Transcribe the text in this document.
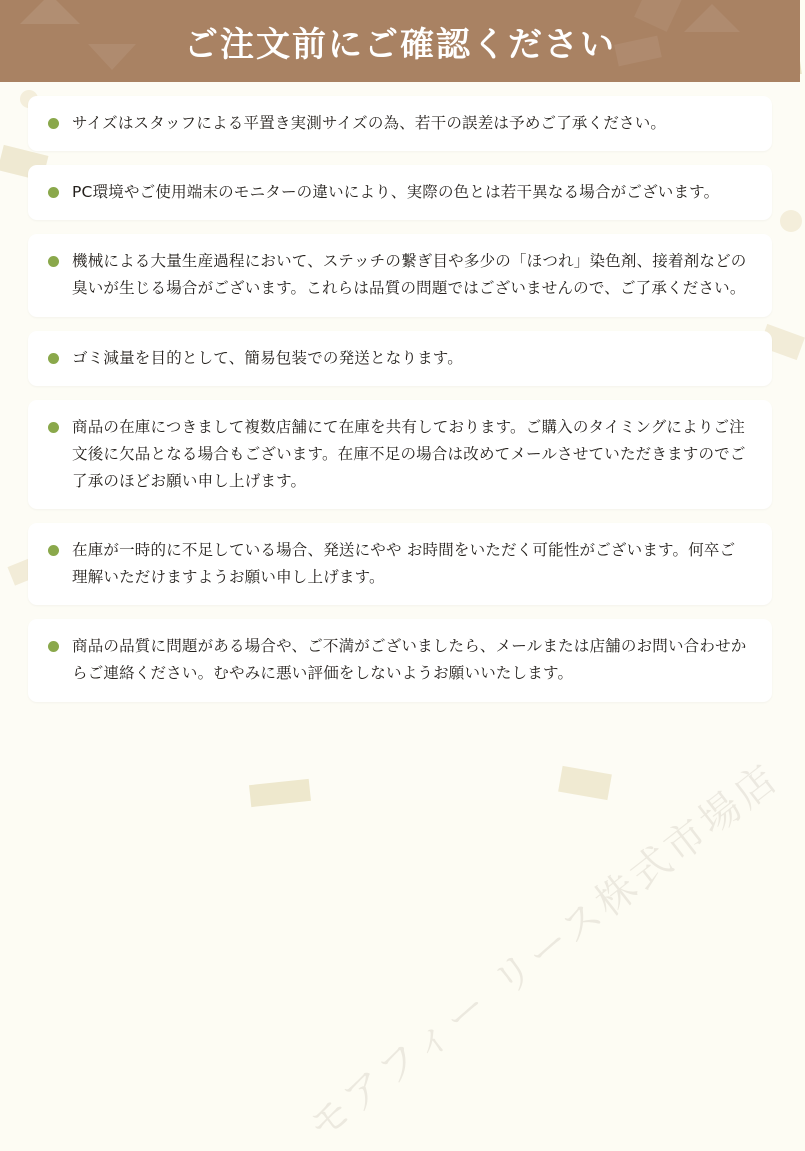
ご注文前にご確認ください
サイズはスタッフによる平置き実測サイズの為、若干の誤差は予めご了承ください。
PC環境やご使用端末のモニターの違いにより、実際の色とは若干異なる場合がございます。
機械による大量生産過程において、ステッチの繋ぎ目や多少の「ほつれ」染色剤、接着剤などの臭いが生じる場合がございます。これらは品質の問題ではございませんので、ご了承ください。
ゴミ減量を目的として、簡易包装での発送となります。
商品の在庫につきまして複数店舗にて在庫を共有しております。ご購入のタイミングによりご注文後に欠品となる場合もございます。在庫不足の場合は改めてメールさせていただきますのでご了承のほどお願い申し上げます。
在庫が一時的に不足している場合、発送にやや お時間をいただく可能性がございます。何卒ご理解いただけますようお願い申し上げます。
商品の品質に問題がある場合や、ご不満がございましたら、メールまたは店舗のお問い合わせからご連絡ください。むやみに悪い評価をしないようお願いいたします。
モアフィー リース株式市場店
